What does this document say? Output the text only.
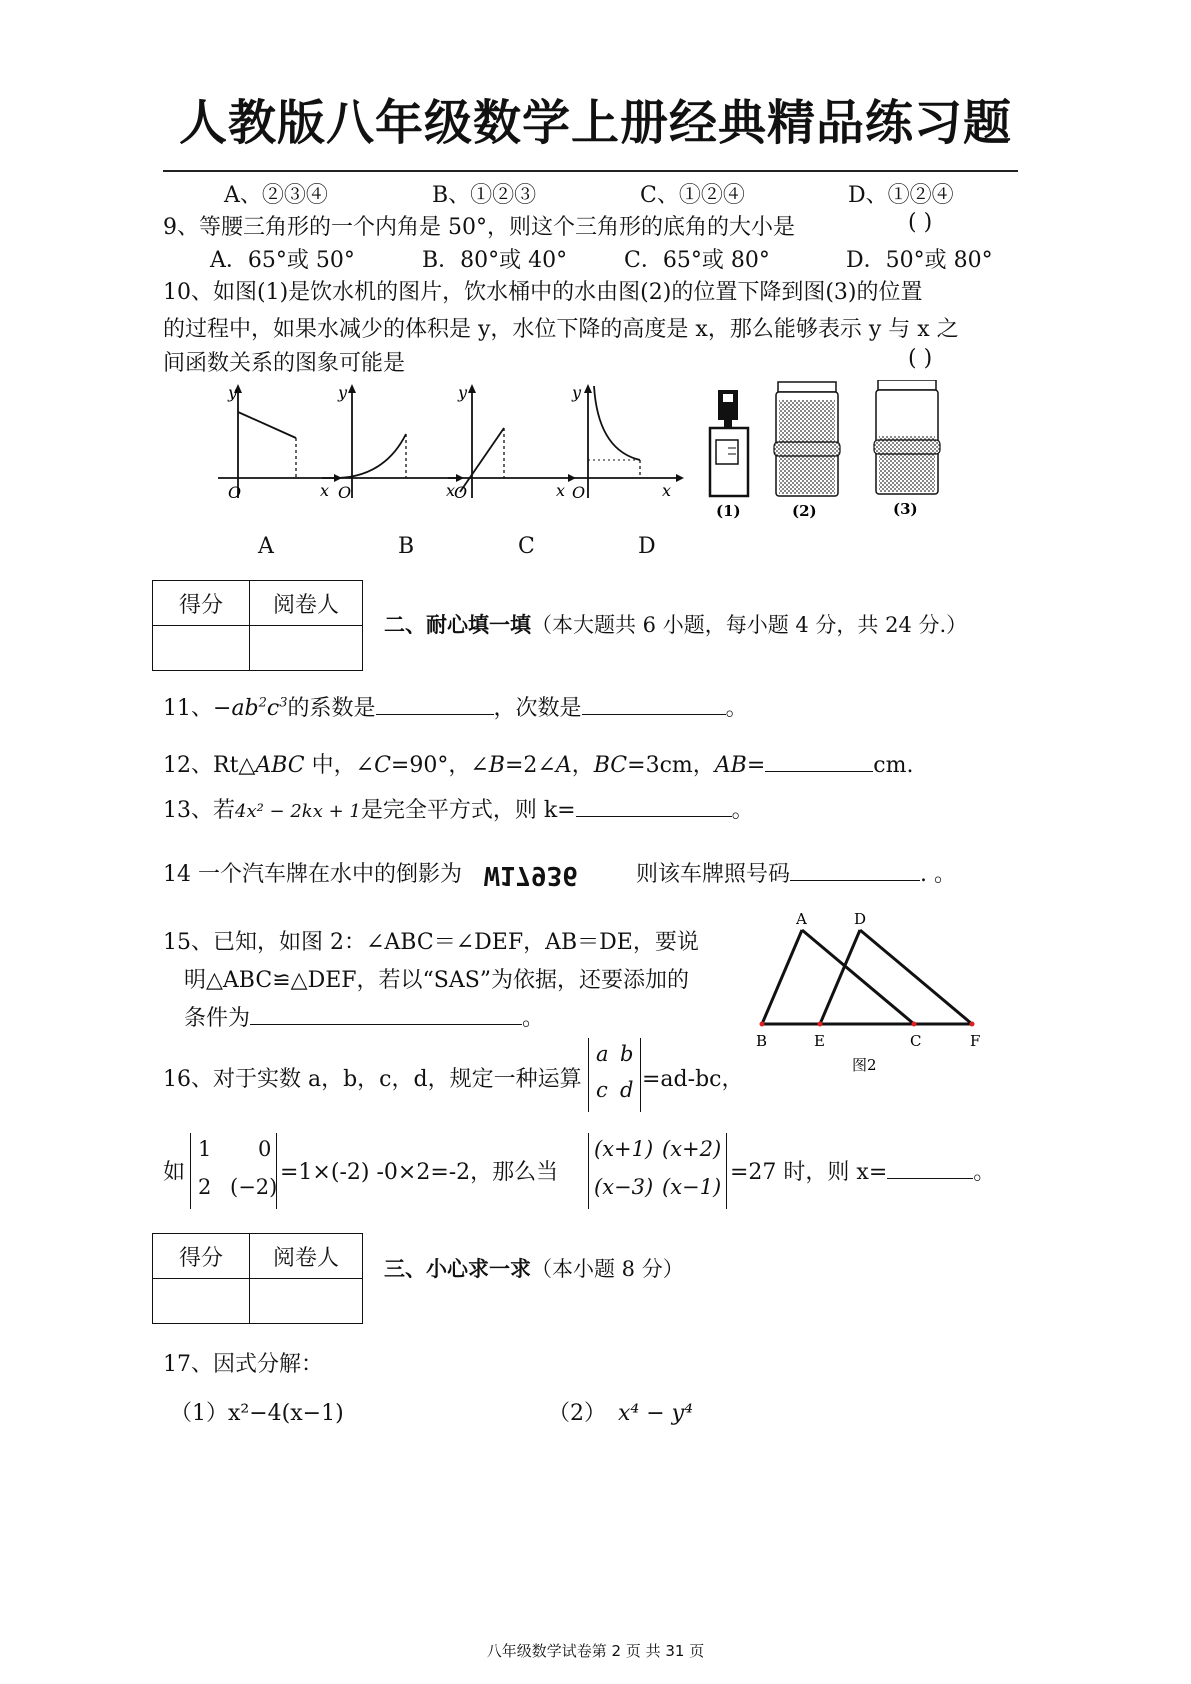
人教版八年级数学上册经典精品练习题
A、②③④	B、①②③	C、①②④	D、①②④
9、等腰三角形的一个内角是 50°，则这个三角形的底角的大小是	( )
A．65°或 50°	B．80°或 40°	C．65°或 80°	D．50°或 80°
10、如图(1)是饮水机的图片，饮水桶中的水由图(2)的位置下降到图(3)的位置
的过程中，如果水减少的体积是 y，水位下降的高度是 x，那么能够表示 y 与 x 之
间函数关系的图象可能是	( )
y
O	x
y
O	x
y
O	x
y
O	x
(1)	(2)	(3)
A	B	C	D
得分	阅卷人

二、耐心填一填（本大题共 6 小题，每小题 4 分，共 24 分.）
11、$-ab^2c^3$的系数是	，次数是	。
12、Rt△ABC 中，∠C=90°，∠B=2∠A，BC=3cm，AB=	cm.
13、若4x² − 2kx + 1是完全平方式，则 k=	。
14 一个汽车牌在水中的倒影为 W17936	则该车牌照号码	. 。
15、已知，如图 2：∠ABC＝∠DEF，AB＝DE，要说
明△ABC≌△DEF，若以“SAS”为依据，还要添加的
条件为	。
A	D
B	E	C	F
图2
16、对于实数 a，b，c，d，规定一种运算
a b
c d =ad-bc，
如
1 0
2 (−2)
=1×(-2) -0×2=-2，那么当
(x+1) (x+2)
(x−3) (x−1)
=27 时，则 x=	。
得分	阅卷人
	三、小心求一求（本小题 8 分）
17、因式分解：
（1）x²−4(x−1)	（2） x⁴ − y⁴
八年级数学试卷第 2 页 共 31 页
